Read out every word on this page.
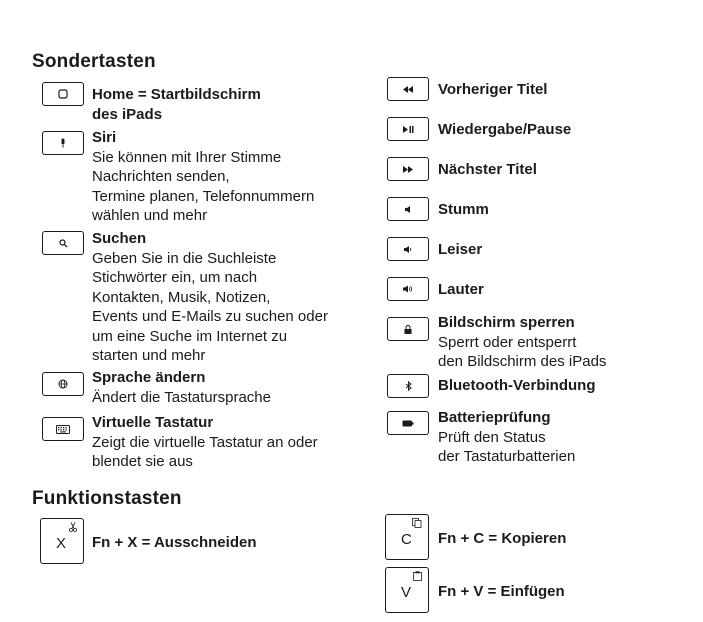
Sondertasten
Home = Startbildschirm
des iPads
Siri
Sie können mit Ihrer Stimme
Nachrichten senden,
Termine planen, Telefonnummern
wählen und mehr
Suchen
Geben Sie in die Suchleiste
Stichwörter ein, um nach
Kontakten, Musik, Notizen,
Events und E-Mails zu suchen oder
um eine Suche im Internet zu
starten und mehr
Sprache ändern
Ändert die Tastatursprache
Virtuelle Tastatur
Zeigt die virtuelle Tastatur an oder
blendet sie aus
Vorheriger Titel
Wiedergabe/Pause
Nächster Titel
Stumm
Leiser
Lauter
Bildschirm sperren
Sperrt oder entsperrt
den Bildschirm des iPads
Bluetooth-Verbindung
Batterieprüfung
Prüft den Status
der Tastaturbatterien
Funktionstasten
X Fn + X = Ausschneiden	C Fn + C = Kopieren
V Fn + V = Einfügen
